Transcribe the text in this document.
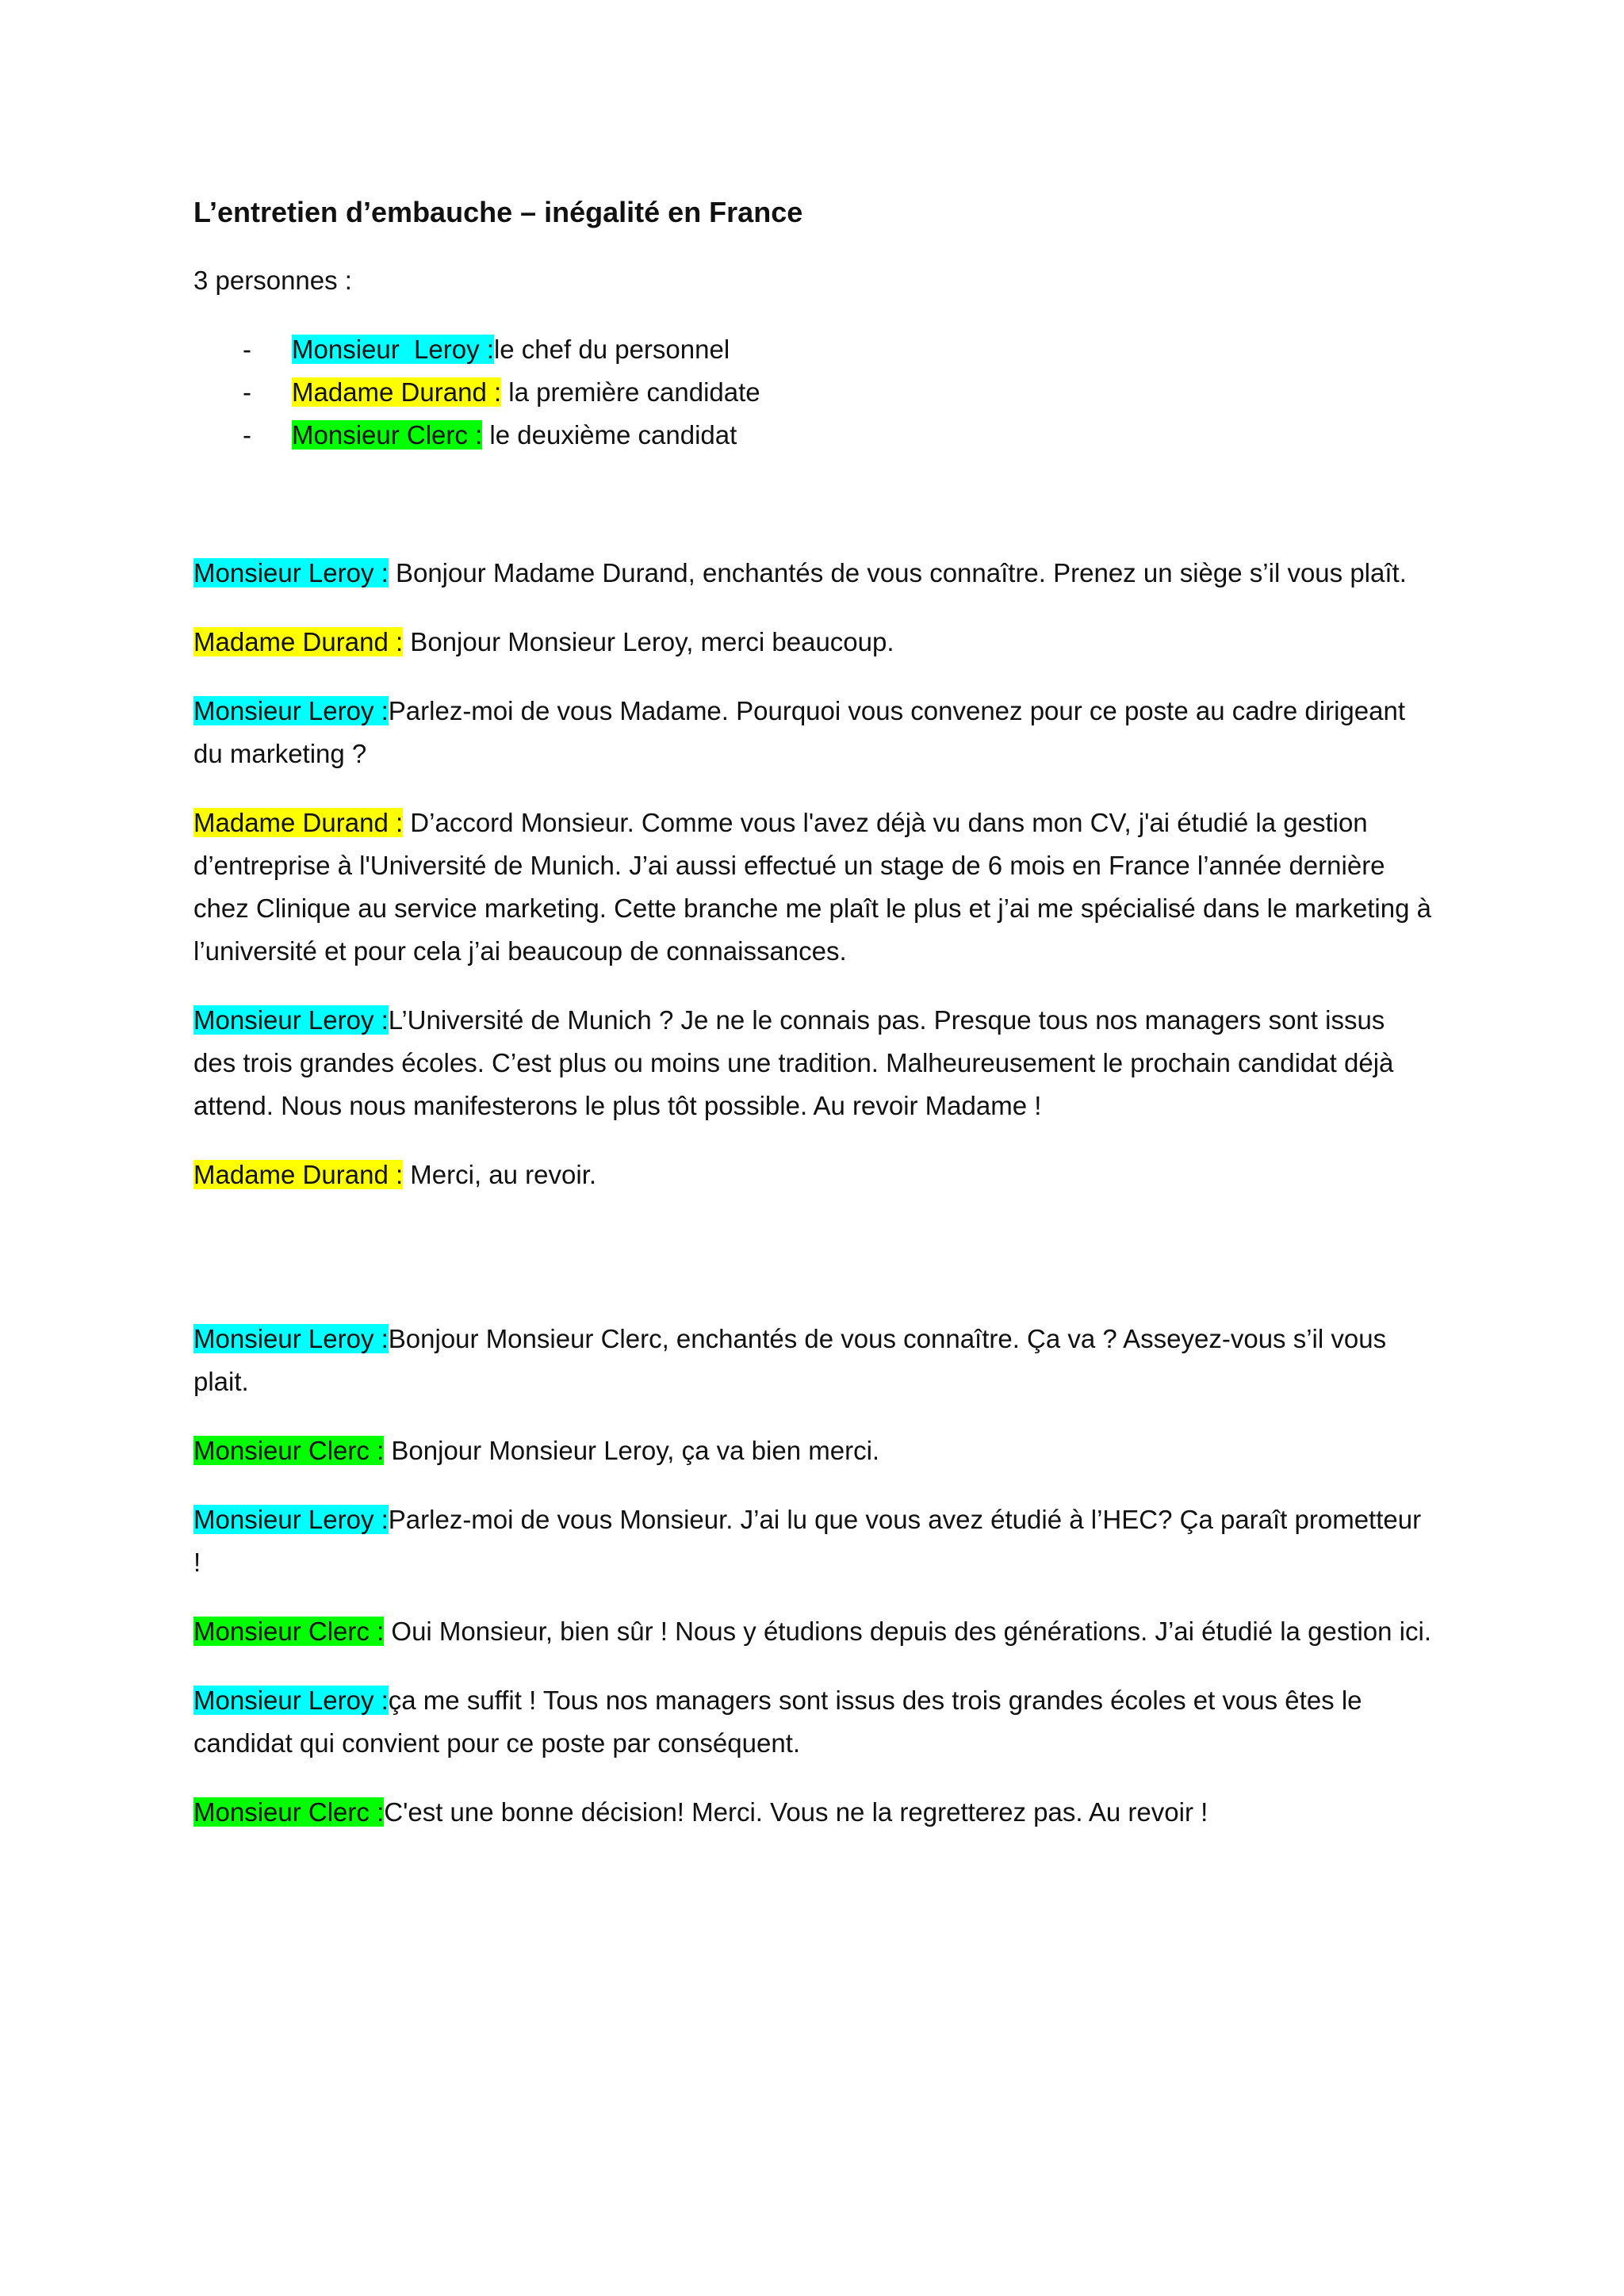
L’entretien d’embauche – inégalité en France
3 personnes :
- Monsieur  Leroy :le chef du personnel
- Madame Durand : la première candidate
- Monsieur Clerc : le deuxième candidat

Monsieur Leroy : Bonjour Madame Durand, enchantés de vous connaître. Prenez un siège s’il vous plaît.

Madame Durand : Bonjour Monsieur Leroy, merci beaucoup.

Monsieur Leroy :Parlez-moi de vous Madame. Pourquoi vous convenez pour ce poste au cadre dirigeant du marketing ?

Madame Durand : D’accord Monsieur. Comme vous l'avez déjà vu dans mon CV, j'ai étudié la gestion d’entreprise à l'Université de Munich. J’ai aussi effectué un stage de 6 mois en France l’année dernière chez Clinique au service marketing. Cette branche me plaît le plus et j’ai me spécialisé dans le marketing à l’université et pour cela j’ai beaucoup de connaissances.

Monsieur Leroy :L’Université de Munich ? Je ne le connais pas. Presque tous nos managers sont issus des trois grandes écoles. C’est plus ou moins une tradition. Malheureusement le prochain candidat déjà attend. Nous nous manifesterons le plus tôt possible. Au revoir Madame !

Madame Durand : Merci, au revoir.

Monsieur Leroy :Bonjour Monsieur Clerc, enchantés de vous connaître. Ça va ? Asseyez-vous s’il vous plait.

Monsieur Clerc : Bonjour Monsieur Leroy, ça va bien merci.

Monsieur Leroy :Parlez-moi de vous Monsieur. J’ai lu que vous avez étudié à l’HEC? Ça paraît prometteur !

Monsieur Clerc : Oui Monsieur, bien sûr ! Nous y étudions depuis des générations. J’ai étudié la gestion ici.

Monsieur Leroy :ça me suffit ! Tous nos managers sont issus des trois grandes écoles et vous êtes le candidat qui convient pour ce poste par conséquent.

Monsieur Clerc :C'est une bonne décision! Merci. Vous ne la regretterez pas. Au revoir !
